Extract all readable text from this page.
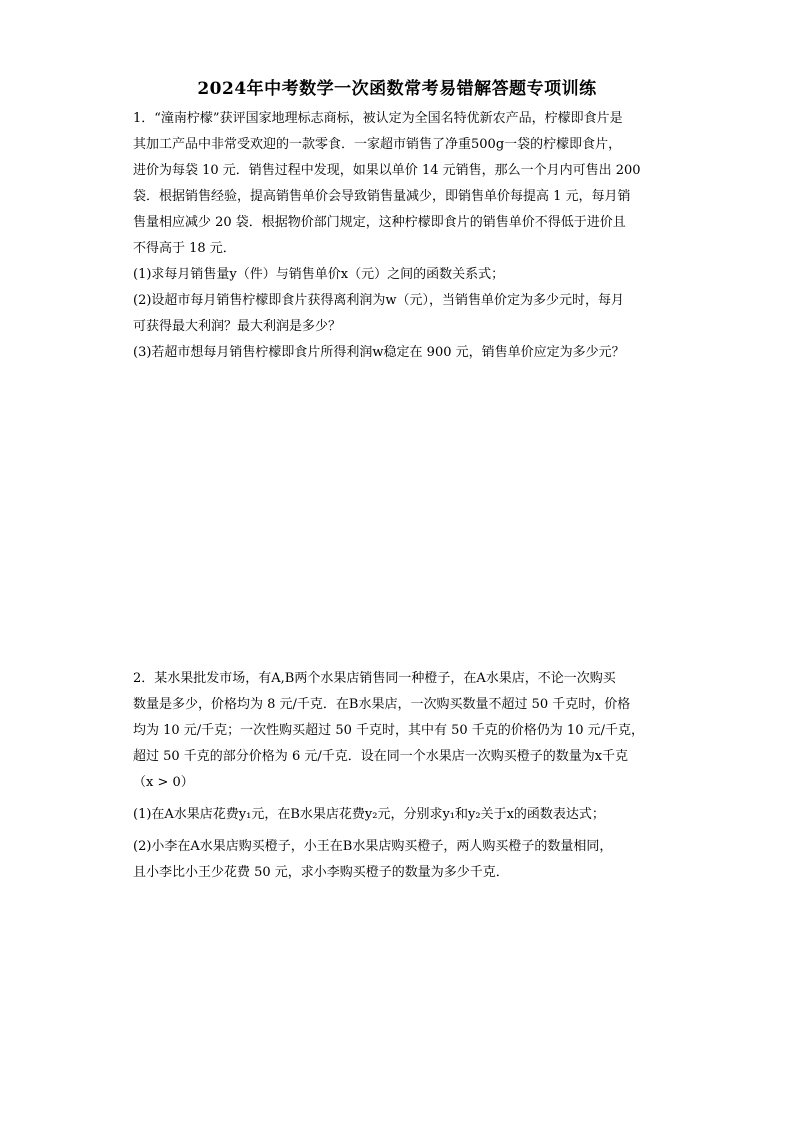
2024年中考数学一次函数常考易错解答题专项训练
1．“潼南柠檬”获评国家地理标志商标，被认定为全国名特优新农产品，柠檬即食片是
其加工产品中非常受欢迎的一款零食．一家超市销售了净重500g一袋的柠檬即食片，
进价为每袋 10 元．销售过程中发现，如果以单价 14 元销售，那么一个月内可售出 200
袋．根据销售经验，提高销售单价会导致销售量减少，即销售单价每提高 1 元，每月销
售量相应减少 20 袋．根据物价部门规定，这种柠檬即食片的销售单价不得低于进价且
不得高于 18 元．
(1)求每月销售量y（件）与销售单价x（元）之间的函数关系式；
(2)设超市每月销售柠檬即食片获得离利润为w（元），当销售单价定为多少元时，每月
可获得最大利润？最大利润是多少？
(3)若超市想每月销售柠檬即食片所得利润w稳定在 900 元，销售单价应定为多少元？
2．某水果批发市场，有A,B两个水果店销售同一种橙子，在A水果店，不论一次购买
数量是多少，价格均为 8 元/千克．在B水果店，一次购买数量不超过 50 千克时，价格
均为 10 元/千克；一次性购买超过 50 千克时，其中有 50 千克的价格仍为 10 元/千克，
超过 50 千克的部分价格为 6 元/千克．设在同一个水果店一次购买橙子的数量为x千克
（x > 0）
(1)在A水果店花费y₁元，在B水果店花费y₂元，分别求y₁和y₂关于x的函数表达式；
(2)小李在A水果店购买橙子，小王在B水果店购买橙子，两人购买橙子的数量相同，
且小李比小王少花费 50 元，求小李购买橙子的数量为多少千克．
